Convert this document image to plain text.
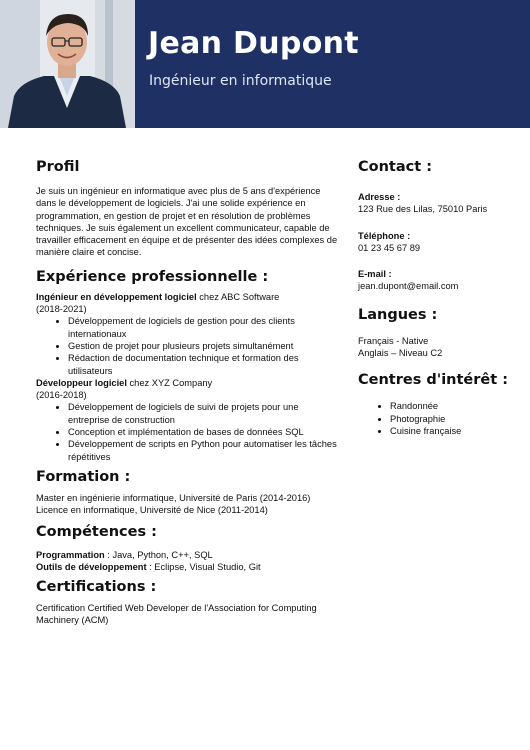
Jean Dupont
Ingénieur en informatique
Profil

Je suis un ingénieur en informatique avec plus de 5 ans d'expérience dans le développement de logiciels. J'ai une solide expérience en programmation, en gestion de projet et en résolution de problèmes techniques. Je suis également un excellent communicateur, capable de travailler efficacement en équipe et de présenter des idées complexes de manière claire et concise.

Expérience professionnelle :
Ingénieur en développement logiciel chez ABC Software
(2018-2021)
• Développement de logiciels de gestion pour des clients internationaux
• Gestion de projet pour plusieurs projets simultanément
• Rédaction de documentation technique et formation des utilisateurs
Développeur logiciel chez XYZ Company
(2016-2018)
• Développement de logiciels de suivi de projets pour une entreprise de construction
• Conception et implémentation de bases de données SQL
• Développement de scripts en Python pour automatiser les tâches répétitives
Formation :
Master en ingénierie informatique, Université de Paris (2014-2016)
Licence en informatique, Université de Nice (2011-2014)
Compétences :
Programmation : Java, Python, C++, SQL
Outils de développement : Eclipse, Visual Studio, Git
Certifications :

Certification Certified Web Developer de l'Association for Computing Machinery (ACM)

Contact :
Adresse :
123 Rue des Lilas, 75010 Paris
Téléphone :
01 23 45 67 89
E-mail :
jean.dupont@email.com
Langues :
Français - Native
Anglais – Niveau C2
Centres d'intérêt :
• Randonnée
• Photographie
• Cuisine française
